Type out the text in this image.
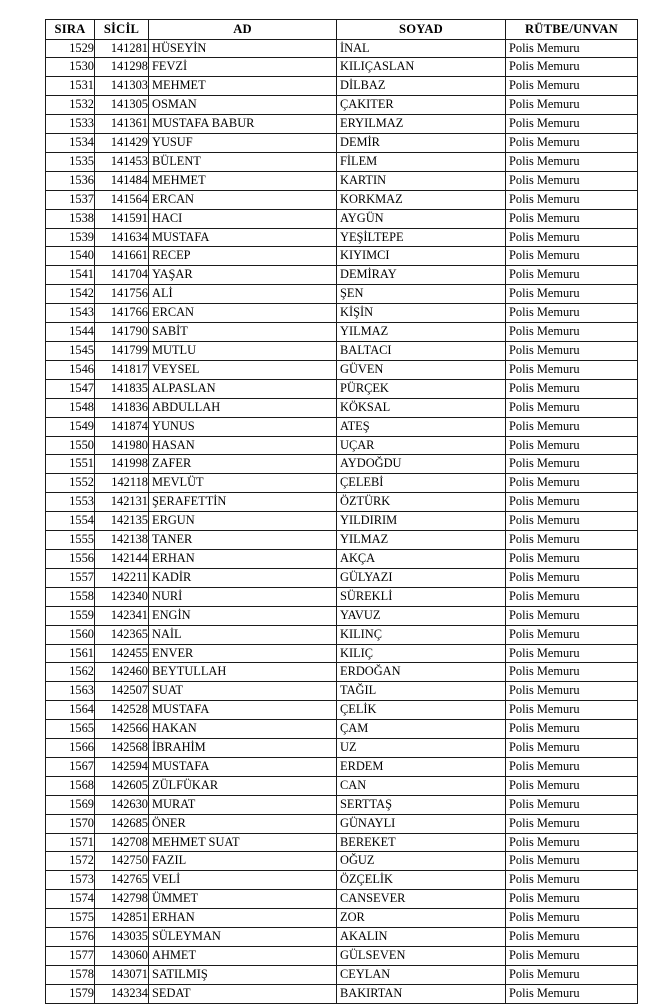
SIRA	SİCİL	AD	SOYAD	RÜTBE/UNVAN
1529	141281	HÜSEYİN	İNAL	Polis Memuru
1530	141298	FEVZİ	KILIÇASLAN	Polis Memuru
1531	141303	MEHMET	DİLBAZ	Polis Memuru
1532	141305	OSMAN	ÇAKITER	Polis Memuru
1533	141361	MUSTAFA BABUR	ERYILMAZ	Polis Memuru
1534	141429	YUSUF	DEMİR	Polis Memuru
1535	141453	BÜLENT	FİLEM	Polis Memuru
1536	141484	MEHMET	KARTIN	Polis Memuru
1537	141564	ERCAN	KORKMAZ	Polis Memuru
1538	141591	HACI	AYGÜN	Polis Memuru
1539	141634	MUSTAFA	YEŞİLTEPE	Polis Memuru
1540	141661	RECEP	KIYIMCI	Polis Memuru
1541	141704	YAŞAR	DEMİRAY	Polis Memuru
1542	141756	ALİ	ŞEN	Polis Memuru
1543	141766	ERCAN	KİŞİN	Polis Memuru
1544	141790	SABİT	YILMAZ	Polis Memuru
1545	141799	MUTLU	BALTACI	Polis Memuru
1546	141817	VEYSEL	GÜVEN	Polis Memuru
1547	141835	ALPASLAN	PÜRÇEK	Polis Memuru
1548	141836	ABDULLAH	KÖKSAL	Polis Memuru
1549	141874	YUNUS	ATEŞ	Polis Memuru
1550	141980	HASAN	UÇAR	Polis Memuru
1551	141998	ZAFER	AYDOĞDU	Polis Memuru
1552	142118	MEVLÜT	ÇELEBİ	Polis Memuru
1553	142131	ŞERAFETTİN	ÖZTÜRK	Polis Memuru
1554	142135	ERGUN	YILDIRIM	Polis Memuru
1555	142138	TANER	YILMAZ	Polis Memuru
1556	142144	ERHAN	AKÇA	Polis Memuru
1557	142211	KADİR	GÜLYAZI	Polis Memuru
1558	142340	NURİ	SÜREKLİ	Polis Memuru
1559	142341	ENGİN	YAVUZ	Polis Memuru
1560	142365	NAİL	KILINÇ	Polis Memuru
1561	142455	ENVER	KILIÇ	Polis Memuru
1562	142460	BEYTULLAH	ERDOĞAN	Polis Memuru
1563	142507	SUAT	TAĞIL	Polis Memuru
1564	142528	MUSTAFA	ÇELİK	Polis Memuru
1565	142566	HAKAN	ÇAM	Polis Memuru
1566	142568	İBRAHİM	UZ	Polis Memuru
1567	142594	MUSTAFA	ERDEM	Polis Memuru
1568	142605	ZÜLFÜKAR	CAN	Polis Memuru
1569	142630	MURAT	SERTTAŞ	Polis Memuru
1570	142685	ÖNER	GÜNAYLI	Polis Memuru
1571	142708	MEHMET SUAT	BEREKET	Polis Memuru
1572	142750	FAZIL	OĞUZ	Polis Memuru
1573	142765	VELİ	ÖZÇELİK	Polis Memuru
1574	142798	ÜMMET	CANSEVER	Polis Memuru
1575	142851	ERHAN	ZOR	Polis Memuru
1576	143035	SÜLEYMAN	AKALIN	Polis Memuru
1577	143060	AHMET	GÜLSEVEN	Polis Memuru
1578	143071	SATILMIŞ	CEYLAN	Polis Memuru
1579	143234	SEDAT	BAKIRTAN	Polis Memuru
